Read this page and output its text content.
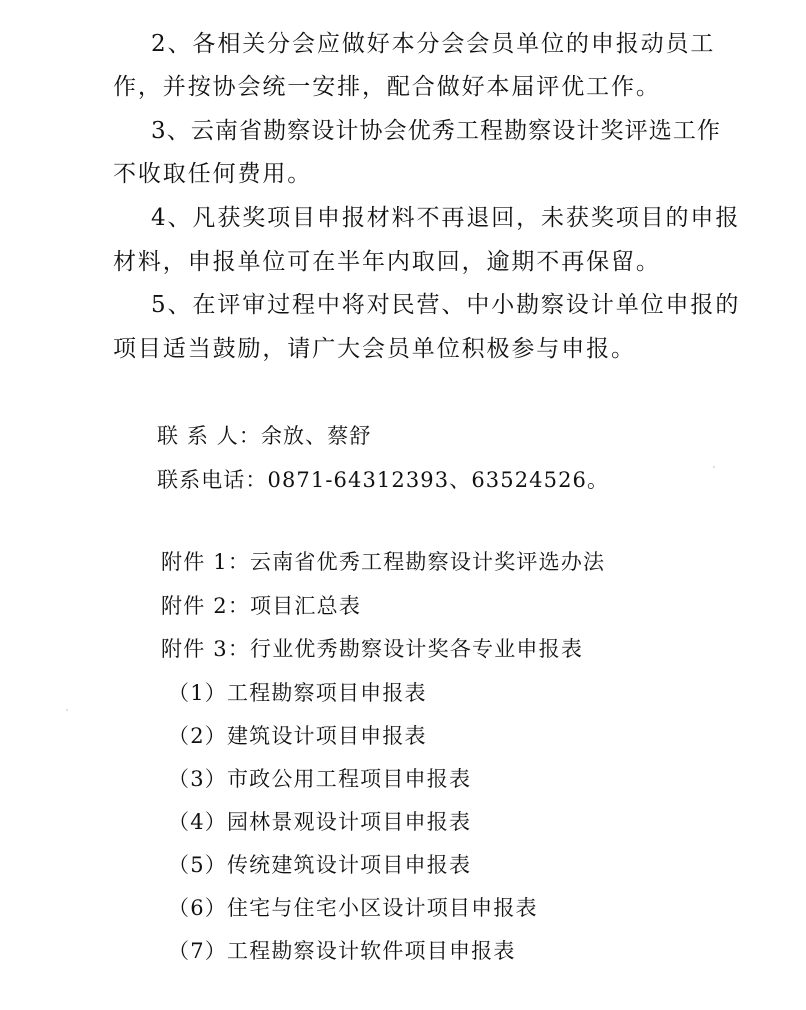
2、各相关分会应做好本分会会员单位的申报动员工
作，并按协会统一安排，配合做好本届评优工作。
3、云南省勘察设计协会优秀工程勘察设计奖评选工作
不收取任何费用。
4、凡获奖项目申报材料不再退回，未获奖项目的申报
材料，申报单位可在半年内取回，逾期不再保留。
5、在评审过程中将对民营、中小勘察设计单位申报的
项目适当鼓励，请广大会员单位积极参与申报。
联 系 人：余放、蔡舒
联系电话：0871-64312393、63524526。
附件 1：云南省优秀工程勘察设计奖评选办法
附件 2：项目汇总表
附件 3：行业优秀勘察设计奖各专业申报表
（1）工程勘察项目申报表
（2）建筑设计项目申报表
（3）市政公用工程项目申报表
（4）园林景观设计项目申报表
（5）传统建筑设计项目申报表
（6）住宅与住宅小区设计项目申报表
（7）工程勘察设计软件项目申报表
